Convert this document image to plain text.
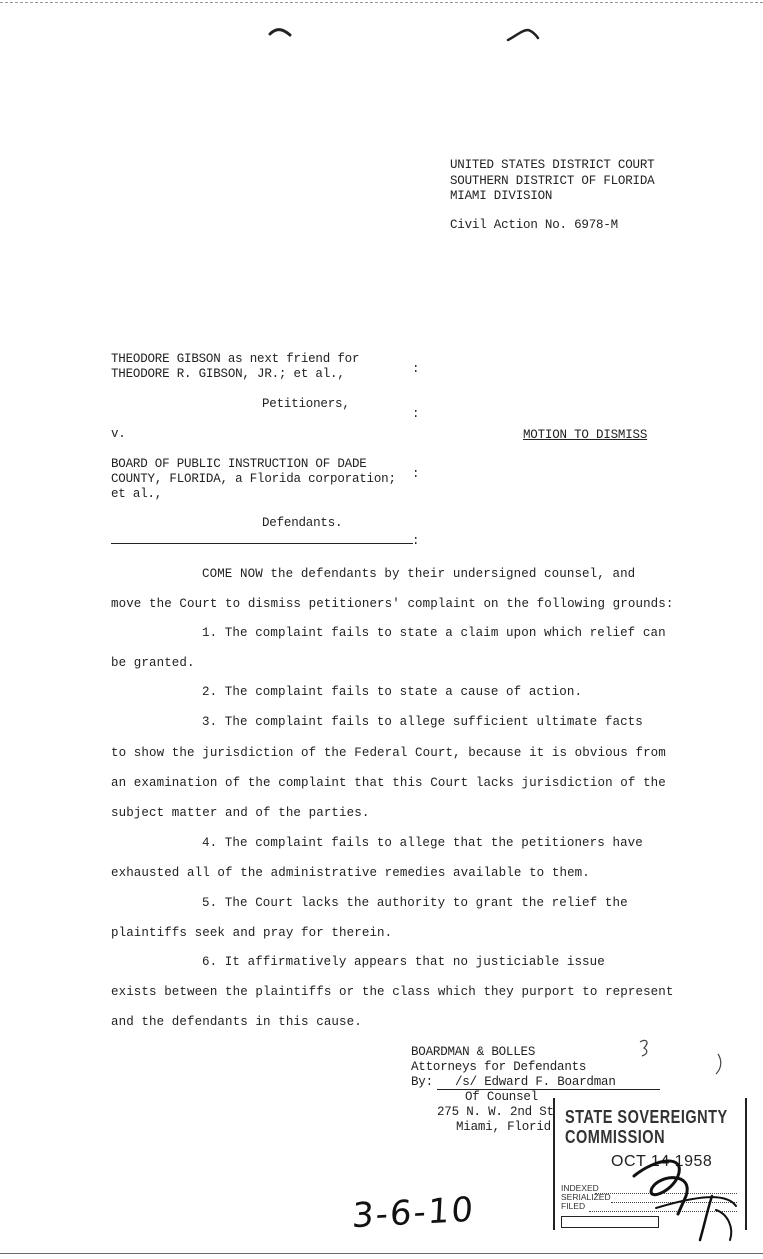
UNITED STATES DISTRICT COURT
SOUTHERN DISTRICT OF FLORIDA
MIAMI DIVISION
Civil Action No. 6978-M
THEODORE GIBSON as next friend for
THEODORE R. GIBSON, JR.; et al.,
Petitioners,
v.
BOARD OF PUBLIC INSTRUCTION OF DADE
COUNTY, FLORIDA, a Florida corporation;
et al.,
Defendants.
:
:
:
:
MOTION TO DISMISS
COME NOW the defendants by their undersigned counsel, and
move the Court to dismiss petitioners' complaint on the following grounds:
1. The complaint fails to state a claim upon which relief can
be granted.
2. The complaint fails to state a cause of action.
3. The complaint fails to allege sufficient ultimate facts
to show the jurisdiction of the Federal Court, because it is obvious from
an examination of the complaint that this Court lacks jurisdiction of the
subject matter and of the parties.
4. The complaint fails to allege that the petitioners have
exhausted all of the administrative remedies available to them.
5. The Court lacks the authority to grant the relief the
plaintiffs seek and pray for therein.
6. It affirmatively appears that no justiciable issue
exists between the plaintiffs or the class which they purport to represent
and the defendants in this cause.
BOARDMAN & BOLLES
Attorneys for Defendants
By: /s/ Edward F. Boardman
Of Counsel
275 N. W. 2nd St
Miami, Florid STATE SOVEREIGNTY COMMISSION
OCT 14 1958
INDEXED
SERIALIZED
FILED
3-6-10
